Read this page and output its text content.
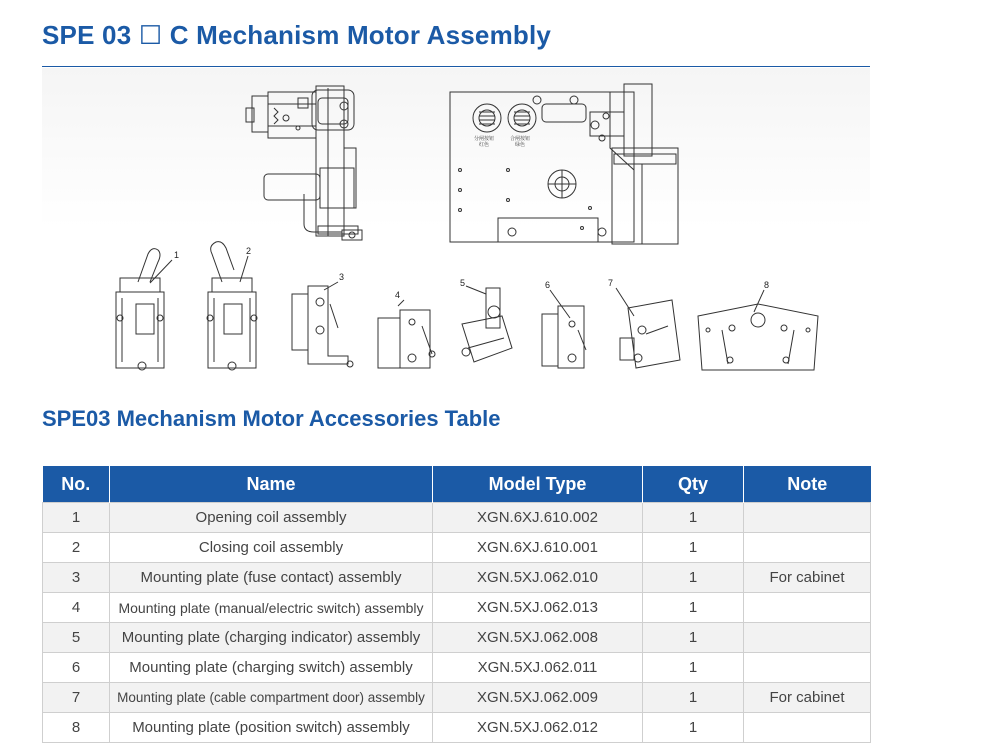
SPE 03 ☐ C Mechanism Motor Assembly
1	2
3
4
5	6	7	8
分闸按钮
红色
合闸按钮
绿色
SPE03 Mechanism Motor Accessories Table
No.	Name	Model Type	Qty	Note
1	Opening coil assembly	XGN.6XJ.610.002	1	
2	Closing coil assembly	XGN.6XJ.610.001	1	
3	Mounting plate (fuse contact) assembly	XGN.5XJ.062.010	1	For cabinet
4	Mounting plate (manual/electric switch) assembly	XGN.5XJ.062.013	1	
5	Mounting plate (charging indicator) assembly	XGN.5XJ.062.008	1	
6	Mounting plate (charging switch) assembly	XGN.5XJ.062.011	1	
7	Mounting plate (cable compartment door) assembly	XGN.5XJ.062.009	1	For cabinet
8	Mounting plate (position switch) assembly	XGN.5XJ.062.012	1	
